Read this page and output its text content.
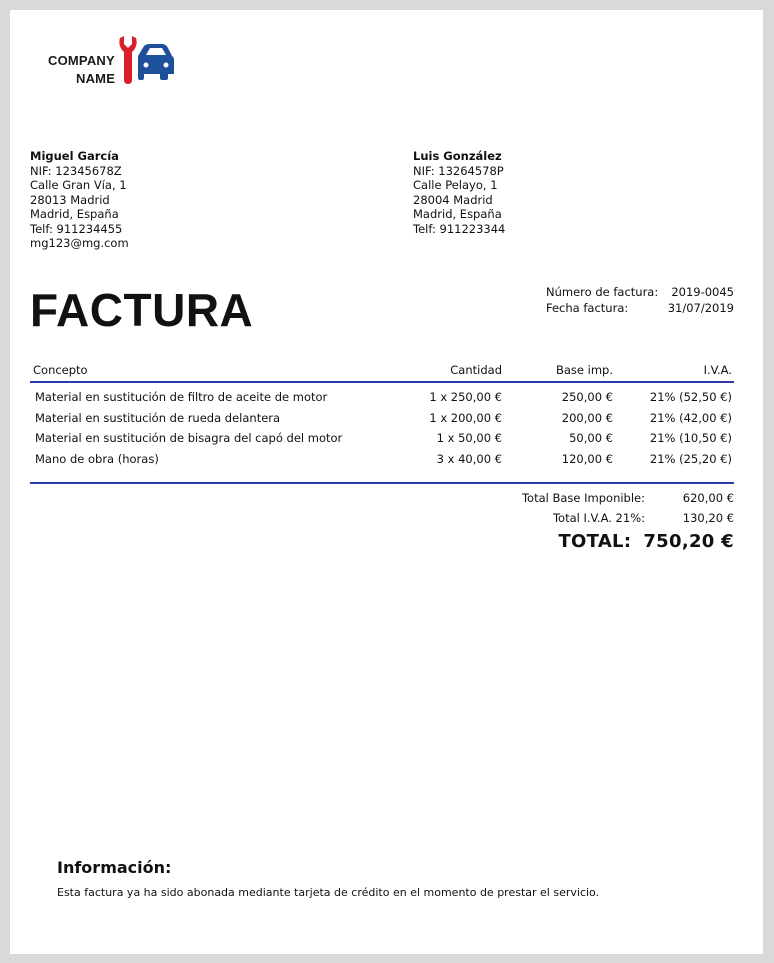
COMPANY
NAME
Miguel García
NIF: 12345678Z
Calle Gran Vía, 1
28013 Madrid
Madrid, España
Telf: 911234455
mg123@mg.com
Luis González
NIF: 13264578P
Calle Pelayo, 1
28004 Madrid
Madrid, España
Telf: 911223344
FACTURA	Número de factura: 2019-0045
Fecha factura:	31/07/2019
Concepto	Cantidad	Base imp.	I.V.A.
Material en sustitución de filtro de aceite de motor	1 x 250,00 €	250,00 €	21% (52,50 €)
Material en sustitución de rueda delantera	1 x 200,00 €	200,00 €	21% (42,00 €)
Material en sustitución de bisagra del capó del motor	1 x 50,00 €	50,00 €	21% (10,50 €)
Mano de obra (horas)	3 x 40,00 €	120,00 €	21% (25,20 €)
Total Base Imponible:	620,00 €
Total I.V.A. 21%:	130,20 €
TOTAL: 750,20 €
Información:
Esta factura ya ha sido abonada mediante tarjeta de crédito en el momento de prestar el servicio.
